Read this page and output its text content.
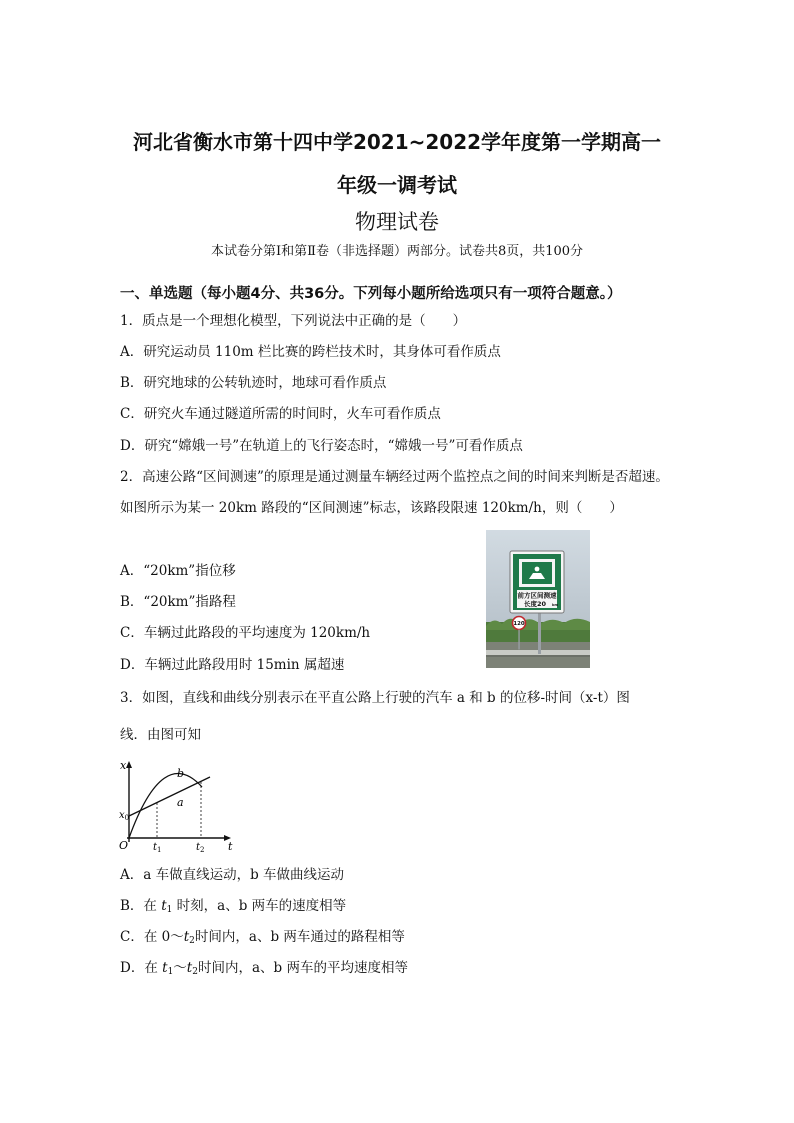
河北省衡水市第十四中学2021~2022学年度第一学期高一
年级一调考试
物理试卷
本试卷分第Ⅰ和第Ⅱ卷（非选择题）两部分。试卷共8页，共100分
一、单选题（每小题4分、共36分。下列每小题所给选项只有一项符合题意。）
1．质点是一个理想化模型，下列说法中正确的是（　　）
A．研究运动员 110m 栏比赛的跨栏技术时，其身体可看作质点
B．研究地球的公转轨迹时，地球可看作质点
C．研究火车通过隧道所需的时间时，火车可看作质点
D．研究“嫦娥一号”在轨道上的飞行姿态时，“嫦娥一号”可看作质点
2．高速公路“区间测速”的原理是通过测量车辆经过两个监控点之间的时间来判断是否超速。
如图所示为某一 20km 路段的“区间测速”标志，该路段限速 120km/h，则（　　）
A．“20km”指位移
B．“20km”指路程
C．车辆过此路段的平均速度为 120km/h
D．车辆过此路段用时 15min 属超速
前方区间测速
长度20 km
120
3．如图，直线和曲线分别表示在平直公路上行驶的汽车 a 和 b 的位移-时间（x-t）图
线．由图可知
x
t
O
$x_0$
b
a
$t_1$	$t_2$
A．a 车做直线运动，b 车做曲线运动
B．在 $t_1$ 时刻，a、b 两车的速度相等
C．在 $0\sim t_2$时间内，a、b 两车通过的路程相等
D．在 $t_1\sim t_2$时间内，a、b 两车的平均速度相等
